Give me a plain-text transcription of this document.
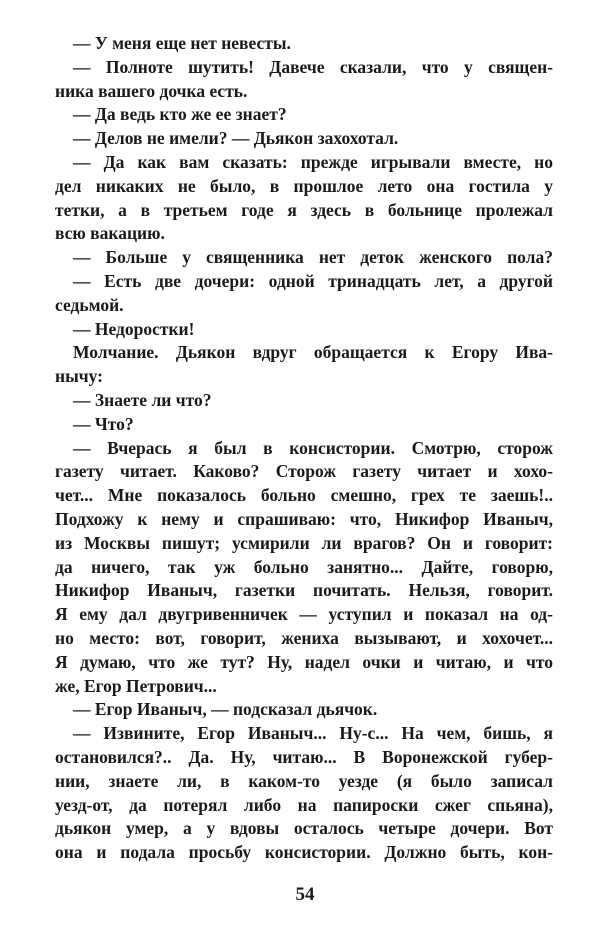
— У меня еще нет невесты.
— Полноте шутить! Давече сказали, что у священ-
ника вашего дочка есть.
— Да ведь кто же ее знает?
— Делов не имели? — Дьякон захохотал.
— Да как вам сказать: прежде игрывали вместе, но
дел никаких не было, в прошлое лето она гостила у
тетки, а в третьем годе я здесь в больнице пролежал
всю вакацию.
— Больше у священника нет деток женского пола?
— Есть две дочери: одной тринадцать лет, а другой
седьмой.
— Недоростки!
Молчание. Дьякон вдруг обращается к Егору Ива-
нычу:
— Знаете ли что?
— Что?
— Вчерась я был в консистории. Смотрю, сторож
газету читает. Каково? Сторож газету читает и хохо-
чет... Мне показалось больно смешно, грех те заешь!..
Подхожу к нему и спрашиваю: что, Никифор Иваныч,
из Москвы пишут; усмирили ли врагов? Он и говорит:
да ничего, так уж больно занятно... Дайте, говорю,
Никифор Иваныч, газетки почитать. Нельзя, говорит.
Я ему дал двугривенничек — уступил и показал на од-
но место: вот, говорит, жениха вызывают, и хохочет...
Я думаю, что же тут? Ну, надел очки и читаю, и что
же, Егор Петрович...
— Егор Иваныч, — подсказал дьячок.
— Извините, Егор Иваныч... Ну-с... На чем, бишь, я
остановился?.. Да. Ну, читаю... В Воронежской губер-
нии, знаете ли, в каком-то уезде (я было записал
уезд-от, да потерял либо на папироски сжег спьяна),
дьякон умер, а у вдовы осталось четыре дочери. Вот
она и подала просьбу консистории. Должно быть, кон-
54
